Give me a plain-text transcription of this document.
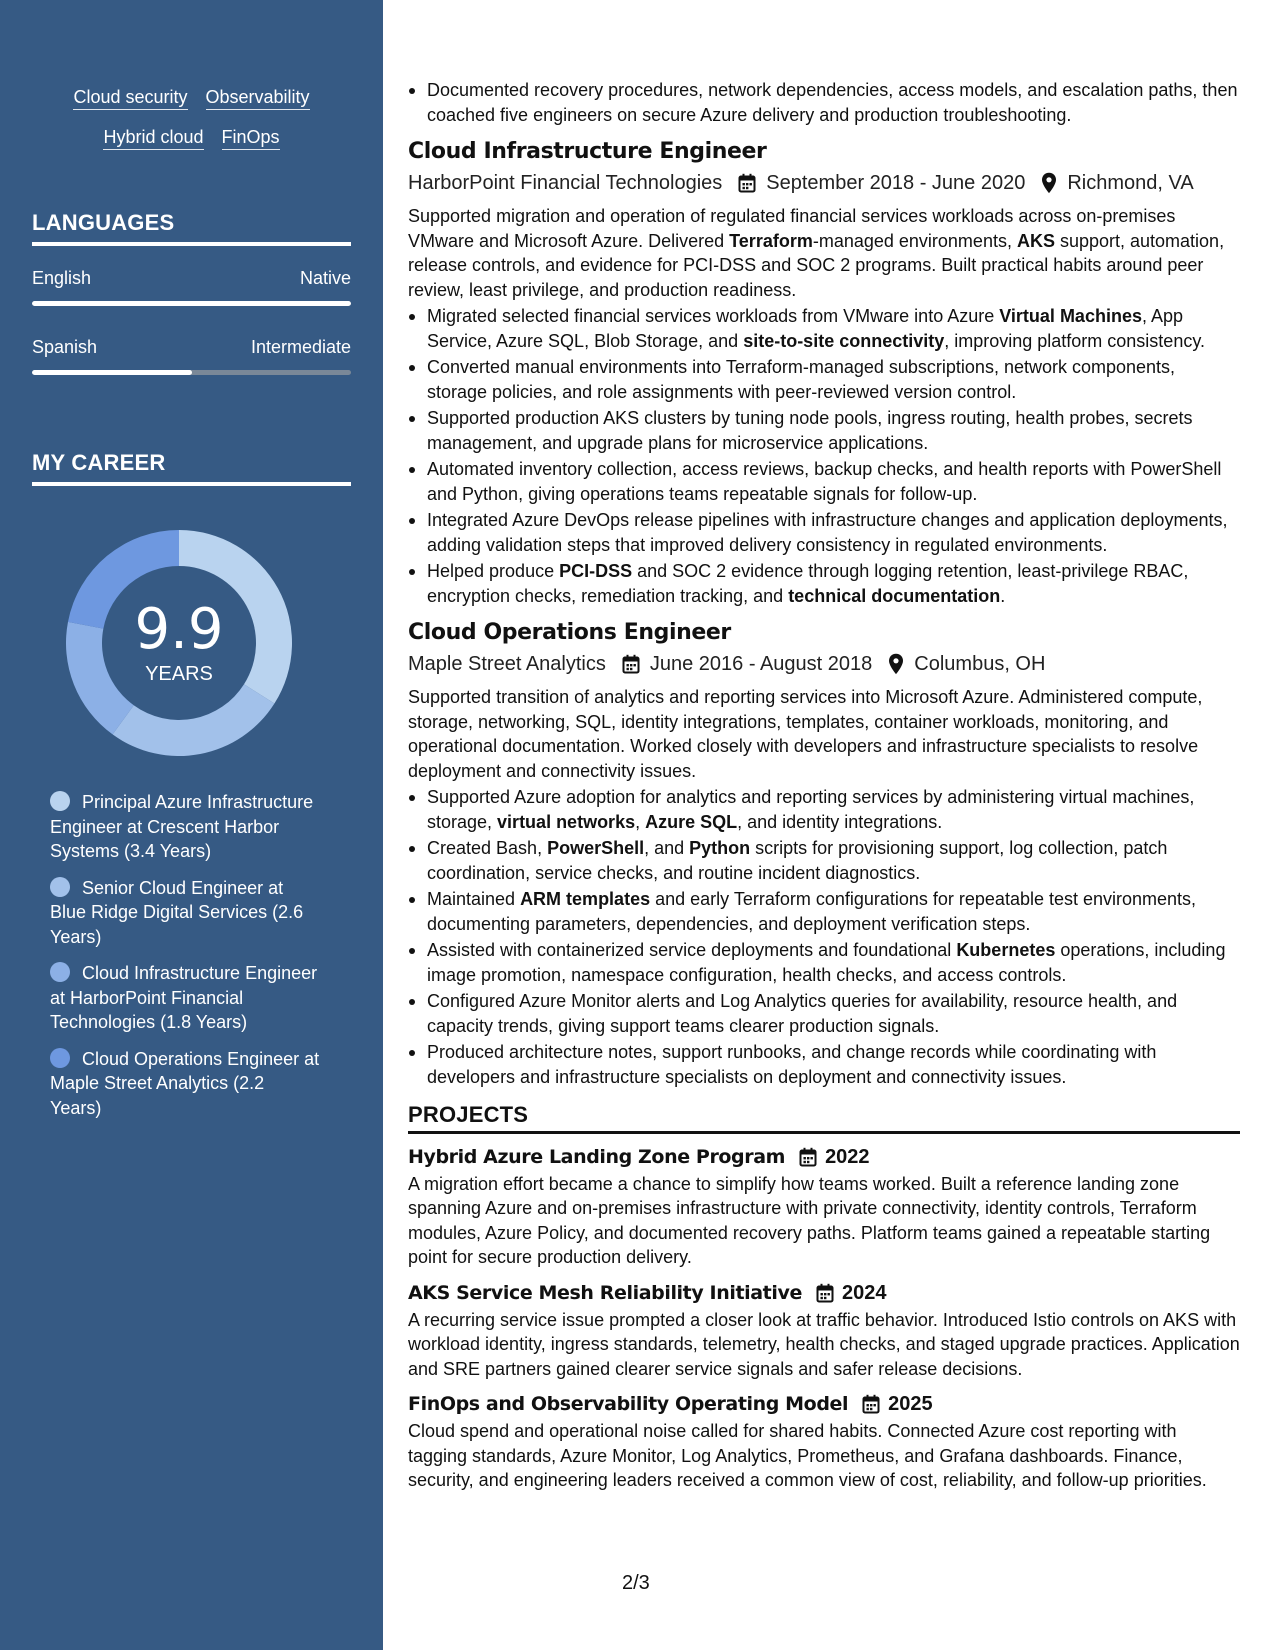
Cloud security Observability
Hybrid cloud FinOps
LANGUAGES
English	Native
Spanish	Intermediate
MY CAREER
9.9
YEARS
Principal Azure Infrastructure Engineer at Crescent Harbor Systems (3.4 Years)
Senior Cloud Engineer at Blue Ridge Digital Services (2.6 Years)
Cloud Infrastructure Engineer at HarborPoint Financial Technologies (1.8 Years)
Cloud Operations Engineer at Maple Street Analytics (2.2 Years)
Documented recovery procedures, network dependencies, access models, and escalation paths, then coached five engineers on secure Azure delivery and production troubleshooting.
Cloud Infrastructure Engineer
HarborPoint Financial Technologies September 2018 - June 2020 Richmond, VA
Supported migration and operation of regulated financial services workloads across on-premises VMware and Microsoft Azure. Delivered Terraform-managed environments, AKS support, automation, release controls, and evidence for PCI-DSS and SOC 2 programs. Built practical habits around peer review, least privilege, and production readiness.
Migrated selected financial services workloads from VMware into Azure Virtual Machines, App Service, Azure SQL, Blob Storage, and site-to-site connectivity, improving platform consistency.
Converted manual environments into Terraform-managed subscriptions, network components, storage policies, and role assignments with peer-reviewed version control.
Supported production AKS clusters by tuning node pools, ingress routing, health probes, secrets management, and upgrade plans for microservice applications.
Automated inventory collection, access reviews, backup checks, and health reports with PowerShell and Python, giving operations teams repeatable signals for follow-up.
Integrated Azure DevOps release pipelines with infrastructure changes and application deployments, adding validation steps that improved delivery consistency in regulated environments.
Helped produce PCI-DSS and SOC 2 evidence through logging retention, least-privilege RBAC, encryption checks, remediation tracking, and technical documentation.
Cloud Operations Engineer
Maple Street Analytics June 2016 - August 2018 Columbus, OH
Supported transition of analytics and reporting services into Microsoft Azure. Administered compute, storage, networking, SQL, identity integrations, templates, container workloads, monitoring, and operational documentation. Worked closely with developers and infrastructure specialists to resolve deployment and connectivity issues.
Supported Azure adoption for analytics and reporting services by administering virtual machines, storage, virtual networks, Azure SQL, and identity integrations.
Created Bash, PowerShell, and Python scripts for provisioning support, log collection, patch coordination, service checks, and routine incident diagnostics.
Maintained ARM templates and early Terraform configurations for repeatable test environments, documenting parameters, dependencies, and deployment verification steps.
Assisted with containerized service deployments and foundational Kubernetes operations, including image promotion, namespace configuration, health checks, and access controls.
Configured Azure Monitor alerts and Log Analytics queries for availability, resource health, and capacity trends, giving support teams clearer production signals.
Produced architecture notes, support runbooks, and change records while coordinating with developers and infrastructure specialists on deployment and connectivity issues.
PROJECTS
Hybrid Azure Landing Zone Program 2022
A migration effort became a chance to simplify how teams worked. Built a reference landing zone spanning Azure and on-premises infrastructure with private connectivity, identity controls, Terraform modules, Azure Policy, and documented recovery paths. Platform teams gained a repeatable starting point for secure production delivery.
AKS Service Mesh Reliability Initiative 2024
A recurring service issue prompted a closer look at traffic behavior. Introduced Istio controls on AKS with workload identity, ingress standards, telemetry, health checks, and staged upgrade practices. Application and SRE partners gained clearer service signals and safer release decisions.
FinOps and Observability Operating Model 2025
Cloud spend and operational noise called for shared habits. Connected Azure cost reporting with tagging standards, Azure Monitor, Log Analytics, Prometheus, and Grafana dashboards. Finance, security, and engineering leaders received a common view of cost, reliability, and follow-up priorities.
2/3
